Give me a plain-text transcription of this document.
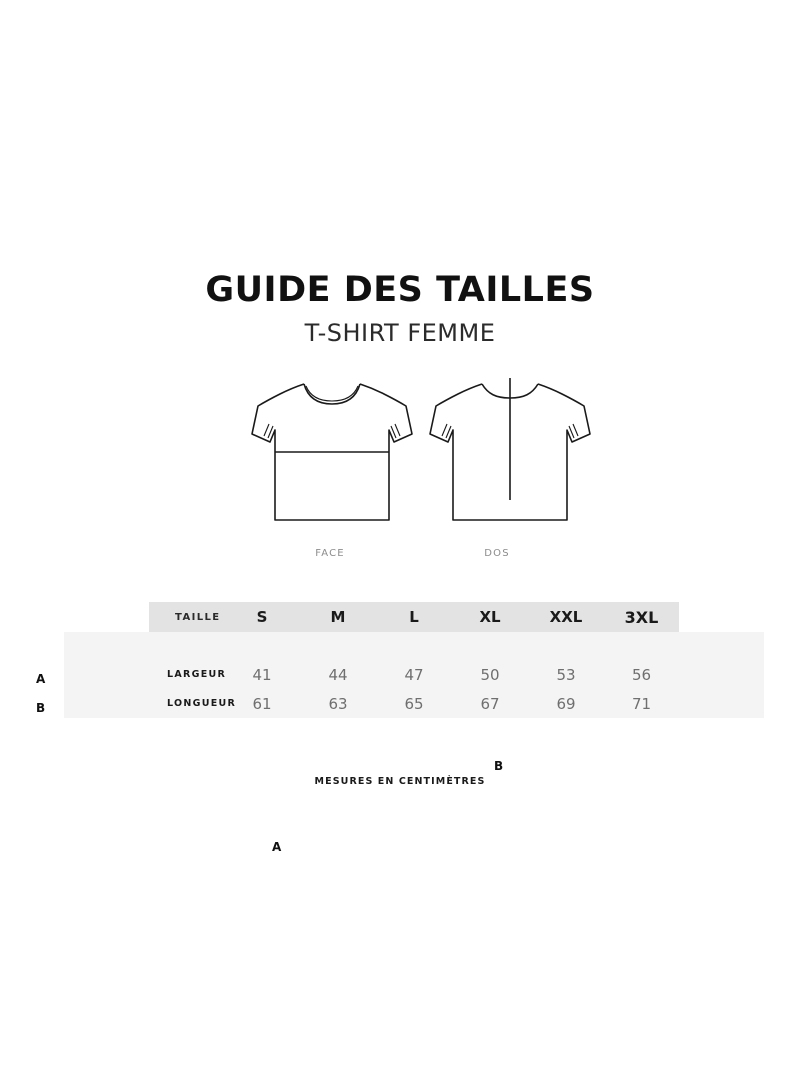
GUIDE DES TAILLES
T-SHIRT FEMME
A
B
FACE	DOS
A
B
	TAILLE	S	M	L	XL	XXL	3XL	

	LARGEUR	41	44	47	50	53	56	
	LONGUEUR	61	63	65	67	69	71	
MESURES EN CENTIMÈTRES
